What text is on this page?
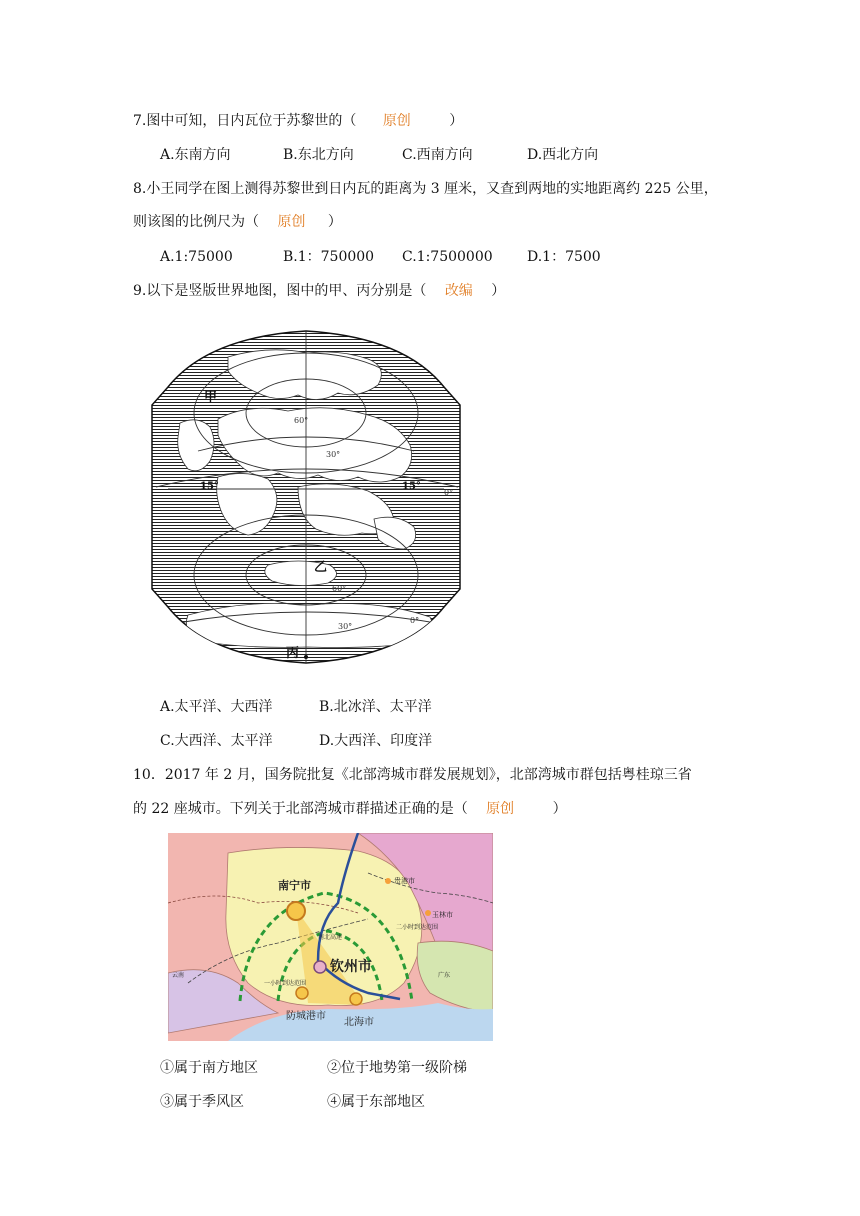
7.图中可知，日内瓦位于苏黎世的（ 原创	）
A.东南方向	B.东北方向	C.西南方向	D.西北方向
8.小王同学在图上测得苏黎世到日内瓦的距离为 3 厘米，又查到两地的实地距离约 225 公里，
则该图的比例尺为（ 原创 ）
A.1:75000	B.1：750000 C.1:7500000 D.1：7500
9.以下是竖版世界地图，图中的甲、丙分别是（ 改编 ）
甲
乙
丙
60°
30°
0°
15°	15°
60°
30°
0°
A.太平洋、大西洋	B.北冰洋、太平洋
C.大西洋、太平洋	D.大西洋、印度洋
10．2017 年 2 月，国务院批复《北部湾城市群发展规划》，北部湾城市群包括粤桂琼三省
的 22 座城市。下列关于北部湾城市群描述正确的是（ 原创	）
南宁市
钦州市
防城港市
北海市
贵港市
玉林市
二小时到达范围
一小时到达范围
南北高速
云南	广东
①属于南方地区	②位于地势第一级阶梯
③属于季风区	④属于东部地区
